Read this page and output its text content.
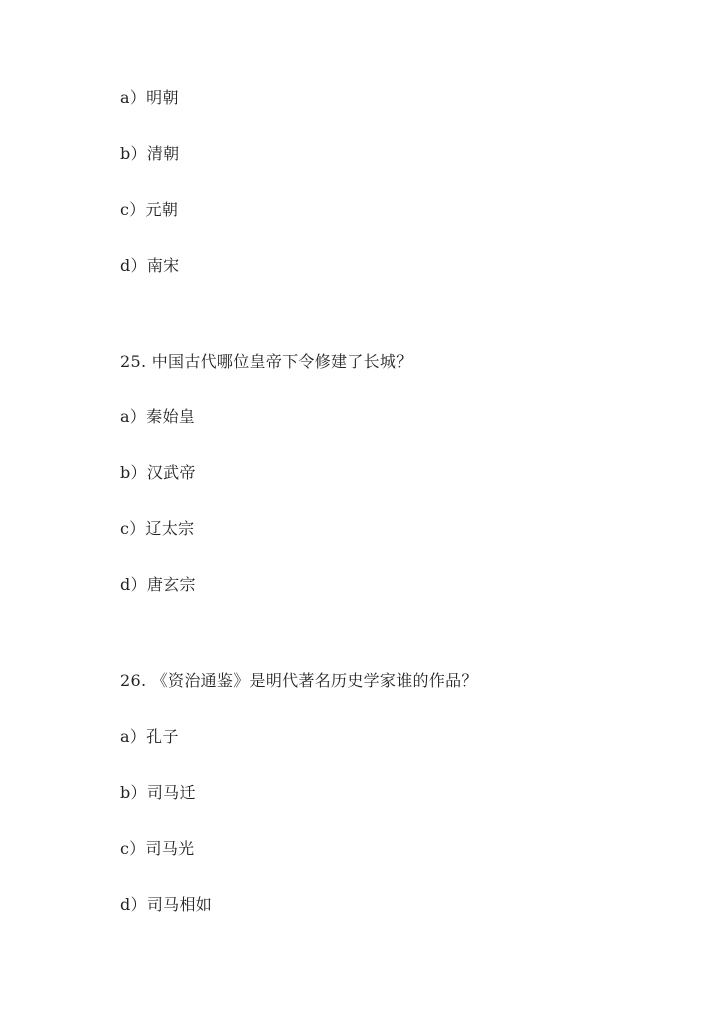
a）明朝
b）清朝
c）元朝
d）南宋
25. 中国古代哪位皇帝下令修建了长城？
a）秦始皇
b）汉武帝
c）辽太宗
d）唐玄宗
26. 《资治通鉴》是明代著名历史学家谁的作品？
a）孔子
b）司马迁
c）司马光
d）司马相如
